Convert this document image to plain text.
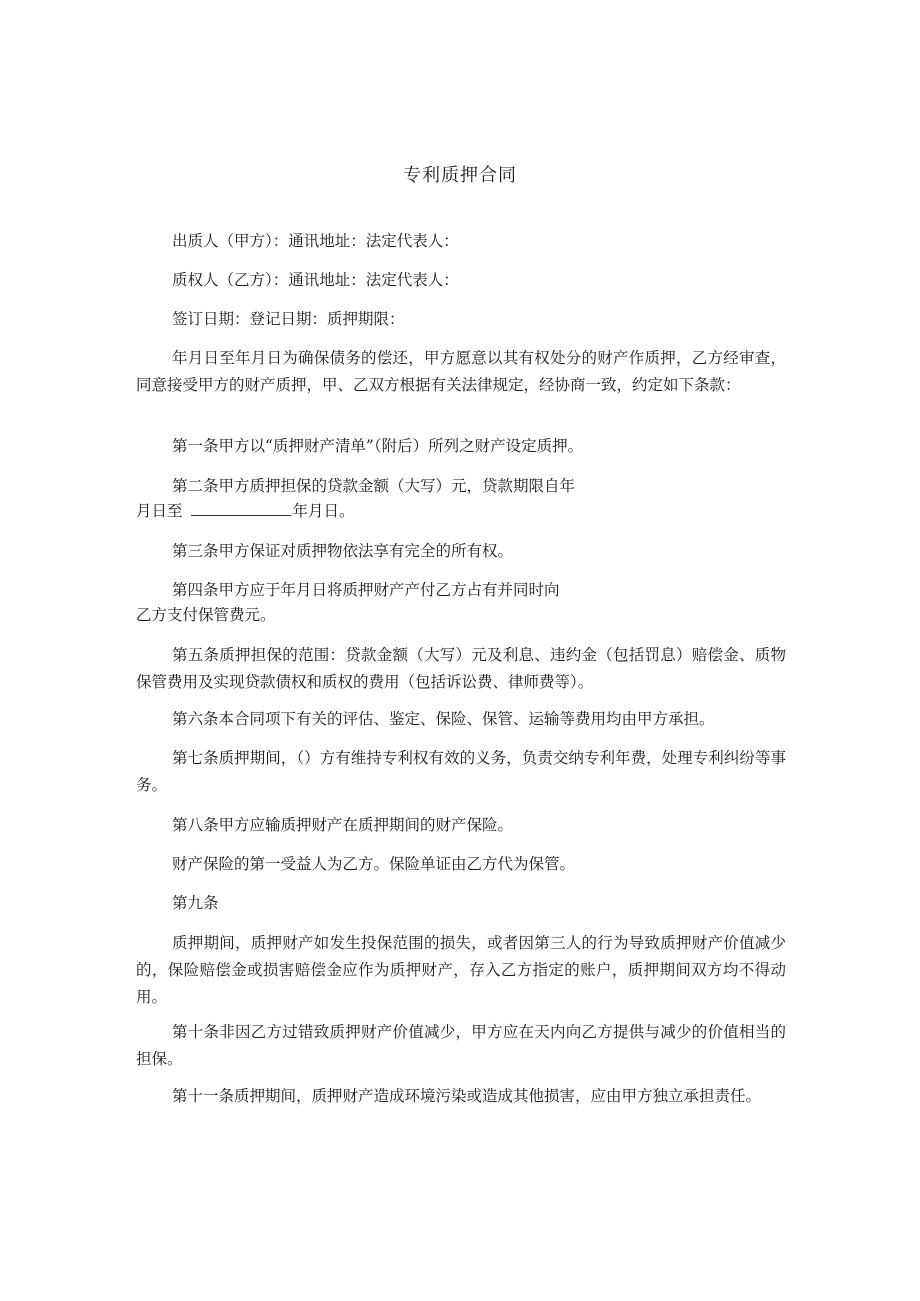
专利质押合同

出质人（甲方）：通讯地址：法定代表人：

质权人（乙方）：通讯地址：法定代表人：

签订日期：登记日期：质押期限：

年月日至年月日为确保债务的偿还，甲方愿意以其有权处分的财产作质押，乙方经审查，同意接受甲方的财产质押，甲、乙双方根据有关法律规定，经协商一致，约定如下条款：

第一条甲方以“质押财产清单”（附后）所列之财产设定质押。

第二条甲方质押担保的贷款金额（大写）元，贷款期限自年

月日至	年月日。

第三条甲方保证对质押物依法享有完全的所有权。

第四条甲方应于年月日将质押财产产付乙方占有并同时向

乙方支付保管费元。

第五条质押担保的范围：贷款金额（大写）元及利息、违约金（包括罚息）赔偿金、质物保管费用及实现贷款债权和质权的费用（包括诉讼费、律师费等）。

第六条本合同项下有关的评估、鉴定、保险、保管、运输等费用均由甲方承担。

第七条质押期间，（）方有维持专利权有效的义务，负责交纳专利年费，处理专利纠纷等事务。

第八条甲方应输质押财产在质押期间的财产保险。

财产保险的第一受益人为乙方。保险单证由乙方代为保管。

第九条

质押期间，质押财产如发生投保范围的损失，或者因第三人的行为导致质押财产价值减少的，保险赔偿金或损害赔偿金应作为质押财产，存入乙方指定的账户，质押期间双方均不得动用。

第十条非因乙方过错致质押财产价值减少，甲方应在天内向乙方提供与减少的价值相当的担保。

第十一条质押期间，质押财产造成环境污染或造成其他损害，应由甲方独立承担责任。
